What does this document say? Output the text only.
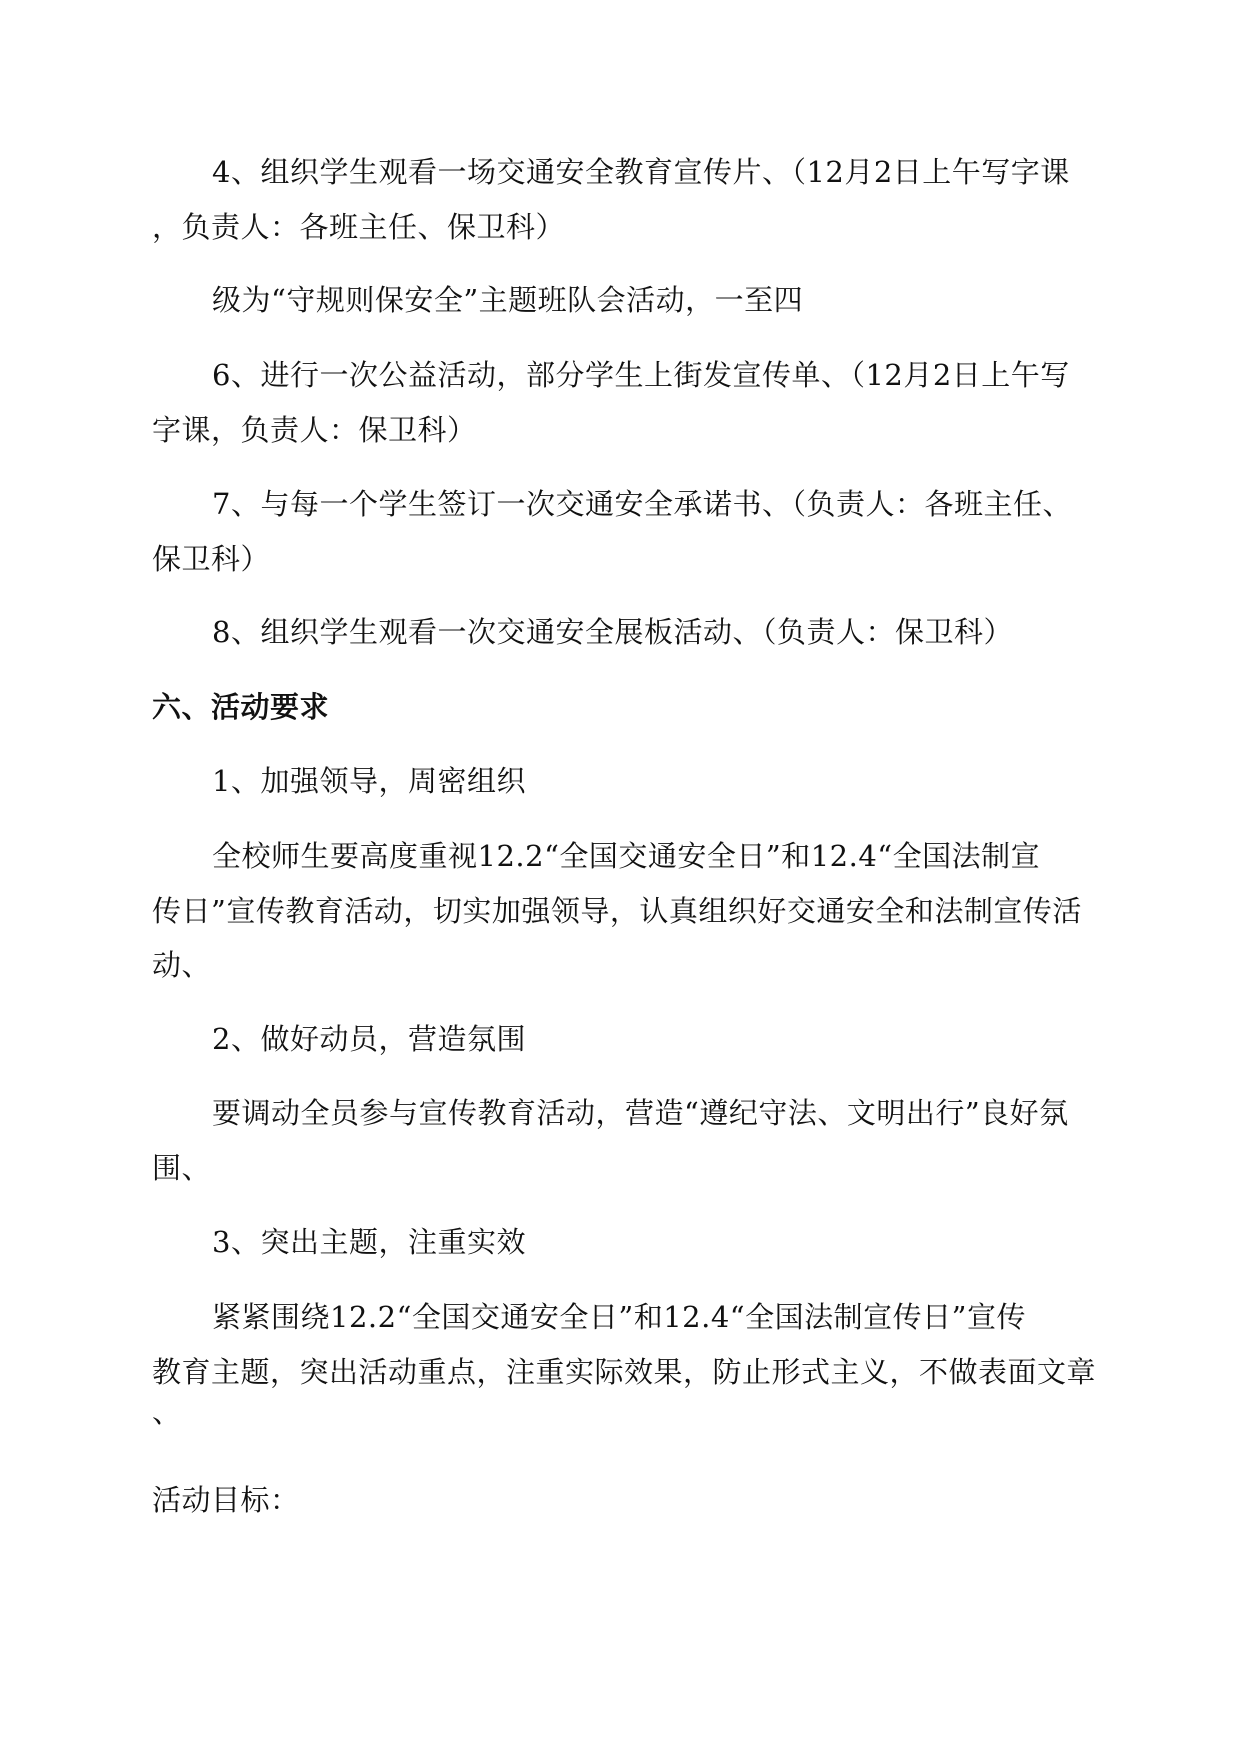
4、组织学生观看一场交通安全教育宣传片、（12月2日上午写字课
，负责人：各班主任、保卫科）
级为“守规则保安全”主题班队会活动，一至四
6、进行一次公益活动，部分学生上街发宣传单、（12月2日上午写
字课，负责人：保卫科）
7、与每一个学生签订一次交通安全承诺书、（负责人：各班主任、
保卫科）
8、组织学生观看一次交通安全展板活动、（负责人：保卫科）
六、活动要求
1、加强领导，周密组织
全校师生要高度重视12.2“全国交通安全日”和12.4“全国法制宣
传日”宣传教育活动，切实加强领导，认真组织好交通安全和法制宣传活
动、
2、做好动员，营造氛围
要调动全员参与宣传教育活动，营造“遵纪守法、文明出行”良好氛
围、
3、突出主题，注重实效
紧紧围绕12.2“全国交通安全日”和12.4“全国法制宣传日”宣传
教育主题，突出活动重点，注重实际效果，防止形式主义，不做表面文章
、
活动目标：
